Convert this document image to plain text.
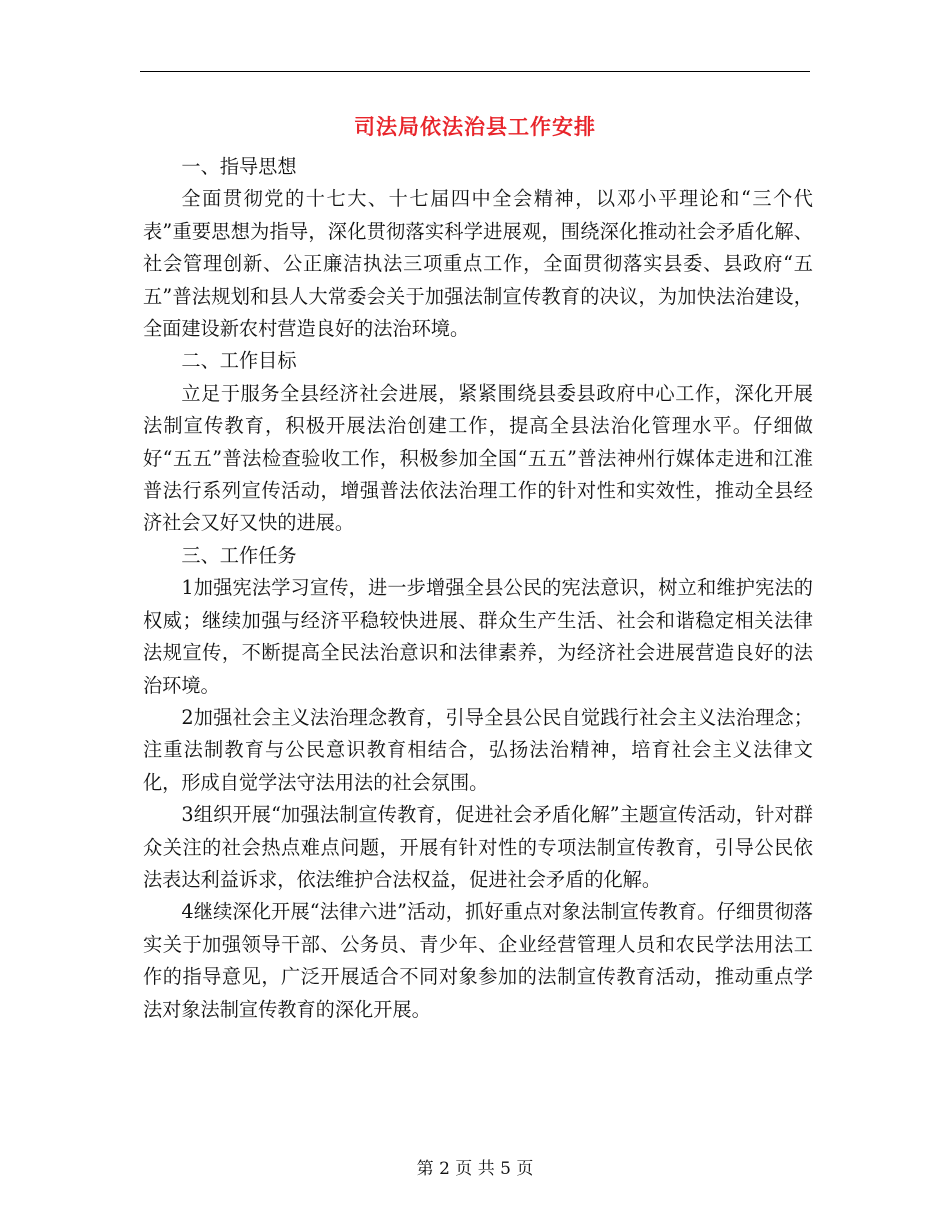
司法局依法治县工作安排

一、指导思想

全面贯彻党的十七大、十七届四中全会精神，以邓小平理论和“三个代表”重要思想为指导，深化贯彻落实科学进展观，围绕深化推动社会矛盾化解、社会管理创新、公正廉洁执法三项重点工作，全面贯彻落实县委、县政府“五五”普法规划和县人大常委会关于加强法制宣传教育的决议，为加快法治建设，全面建设新农村营造良好的法治环境。

二、工作目标

立足于服务全县经济社会进展，紧紧围绕县委县政府中心工作，深化开展法制宣传教育，积极开展法治创建工作，提高全县法治化管理水平。仔细做好“五五”普法检查验收工作，积极参加全国“五五”普法神州行媒体走进和江淮普法行系列宣传活动，增强普法依法治理工作的针对性和实效性，推动全县经济社会又好又快的进展。

三、工作任务

1加强宪法学习宣传，进一步增强全县公民的宪法意识，树立和维护宪法的权威；继续加强与经济平稳较快进展、群众生产生活、社会和谐稳定相关法律法规宣传，不断提高全民法治意识和法律素养，为经济社会进展营造良好的法治环境。

2加强社会主义法治理念教育，引导全县公民自觉践行社会主义法治理念；注重法制教育与公民意识教育相结合，弘扬法治精神，培育社会主义法律文化，形成自觉学法守法用法的社会氛围。

3组织开展“加强法制宣传教育，促进社会矛盾化解”主题宣传活动，针对群众关注的社会热点难点问题，开展有针对性的专项法制宣传教育，引导公民依法表达利益诉求，依法维护合法权益，促进社会矛盾的化解。

4继续深化开展“法律六进”活动，抓好重点对象法制宣传教育。仔细贯彻落实关于加强领导干部、公务员、青少年、企业经营管理人员和农民学法用法工作的指导意见，广泛开展适合不同对象参加的法制宣传教育活动，推动重点学法对象法制宣传教育的深化开展。

第 2 页 共 5 页
